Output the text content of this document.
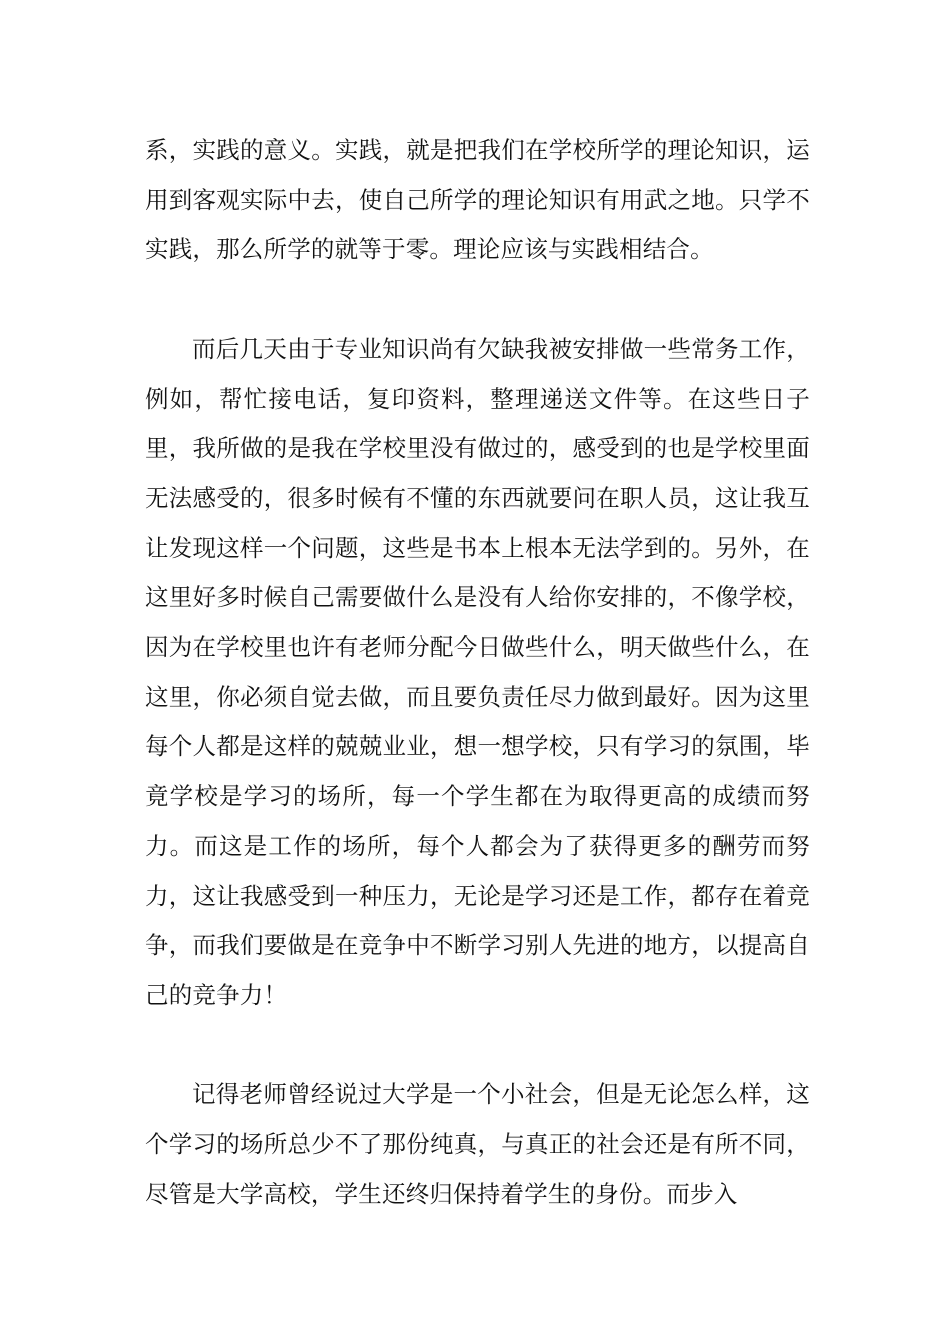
系，实践的意义。实践，就是把我们在学校所学的理论知识，运用到客观实际中去，使自己所学的理论知识有用武之地。只学不实践，那么所学的就等于零。理论应该与实践相结合。

而后几天由于专业知识尚有欠缺我被安排做一些常务工作，例如，帮忙接电话，复印资料，整理递送文件等。在这些日子里，我所做的是我在学校里没有做过的，感受到的也是学校里面无法感受的，很多时候有不懂的东西就要问在职人员，这让我互让发现这样一个问题，这些是书本上根本无法学到的。另外，在这里好多时候自己需要做什么是没有人给你安排的，不像学校，因为在学校里也许有老师分配今日做些什么，明天做些什么，在这里，你必须自觉去做，而且要负责任尽力做到最好。因为这里每个人都是这样的兢兢业业，想一想学校，只有学习的氛围，毕竟学校是学习的场所，每一个学生都在为取得更高的成绩而努力。而这是工作的场所，每个人都会为了获得更多的酬劳而努力，这让我感受到一种压力，无论是学习还是工作，都存在着竞争，而我们要做是在竞争中不断学习别人先进的地方，以提高自己的竞争力！

记得老师曾经说过大学是一个小社会，但是无论怎么样，这个学习的场所总少不了那份纯真，与真正的社会还是有所不同，尽管是大学高校，学生还终归保持着学生的身份。而步入
